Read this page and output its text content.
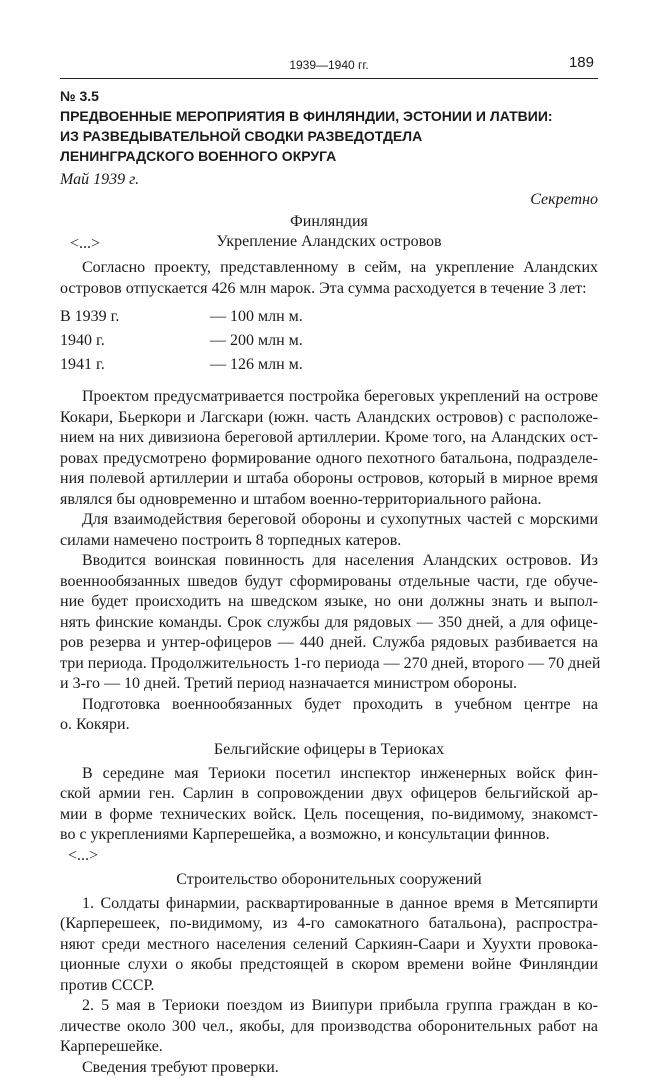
1939—1940 гг.	189

№ 3.5

ПРЕДВОЕННЫЕ МЕРОПРИЯТИЯ В ФИНЛЯНДИИ, ЭСТОНИИ И ЛАТВИИ:

ИЗ РАЗВЕДЫВАТЕЛЬНОЙ СВОДКИ РАЗВЕДОТДЕЛА

ЛЕНИНГРАДСКОГО ВОЕННОГО ОКРУГА

Май 1939 г.

Секретно

Финляндия

<...>	Укрепление Аландских островов

Согласно проекту, представленному в сейм, на укрепление Аландских
островов отпускается 426 млн марок. Эта сумма расходуется в течение 3 лет:
В 1939 г.	— 100 млн м.
1940 г.	— 200 млн м.
1941 г.	— 126 млн м.
Проектом предусматривается постройка береговых укреплений на острове
Кокари, Бьеркори и Лагскари (южн. часть Аландских островов) с расположе-
нием на них дивизиона береговой артиллерии. Кроме того, на Аландских ост-
ровах предусмотрено формирование одного пехотного батальона, подразделе-
ния полевой артиллерии и штаба обороны островов, который в мирное время
являлся бы одновременно и штабом военно-территориального района.
Для взаимодействия береговой обороны и сухопутных частей с морскими
силами намечено построить 8 торпедных катеров.
Вводится воинская повинность для населения Аландских островов. Из
военнообязанных шведов будут сформированы отдельные части, где обуче-
ние будет происходить на шведском языке, но они должны знать и выпол-
нять финские команды. Срок службы для рядовых — 350 дней, а для офице-
ров резерва и унтер-офицеров — 440 дней. Служба рядовых разбивается на
три периода. Продолжительность 1-го периода — 270 дней, второго — 70 дней
и 3-го — 10 дней. Третий период назначается министром обороны.
Подготовка военнообязанных будет проходить в учебном центре на
о. Кокяри.

Бельгийские офицеры в Териоках

В середине мая Териоки посетил инспектор инженерных войск фин-
ской армии ген. Сарлин в сопровождении двух офицеров бельгийской ар-
мии в форме технических войск. Цель посещения, по-видимому, знакомст-
во с укреплениями Карперешейка, а возможно, и консультации финнов.

<...>

Строительство оборонительных сооружений

1. Солдаты финармии, расквартированные в данное время в Метсяпирти
(Карперешеек, по-видимому, из 4-го самокатного батальона), распростра-
няют среди местного населения селений Саркиян-Саари и Хуухти провока-
ционные слухи о якобы предстоящей в скором времени войне Финляндии
против СССР.
2. 5 мая в Териоки поездом из Виипури прибыла группа граждан в ко-
личестве около 300 чел., якобы, для производства оборонительных работ на
Карперешейке.
Сведения требуют проверки.
